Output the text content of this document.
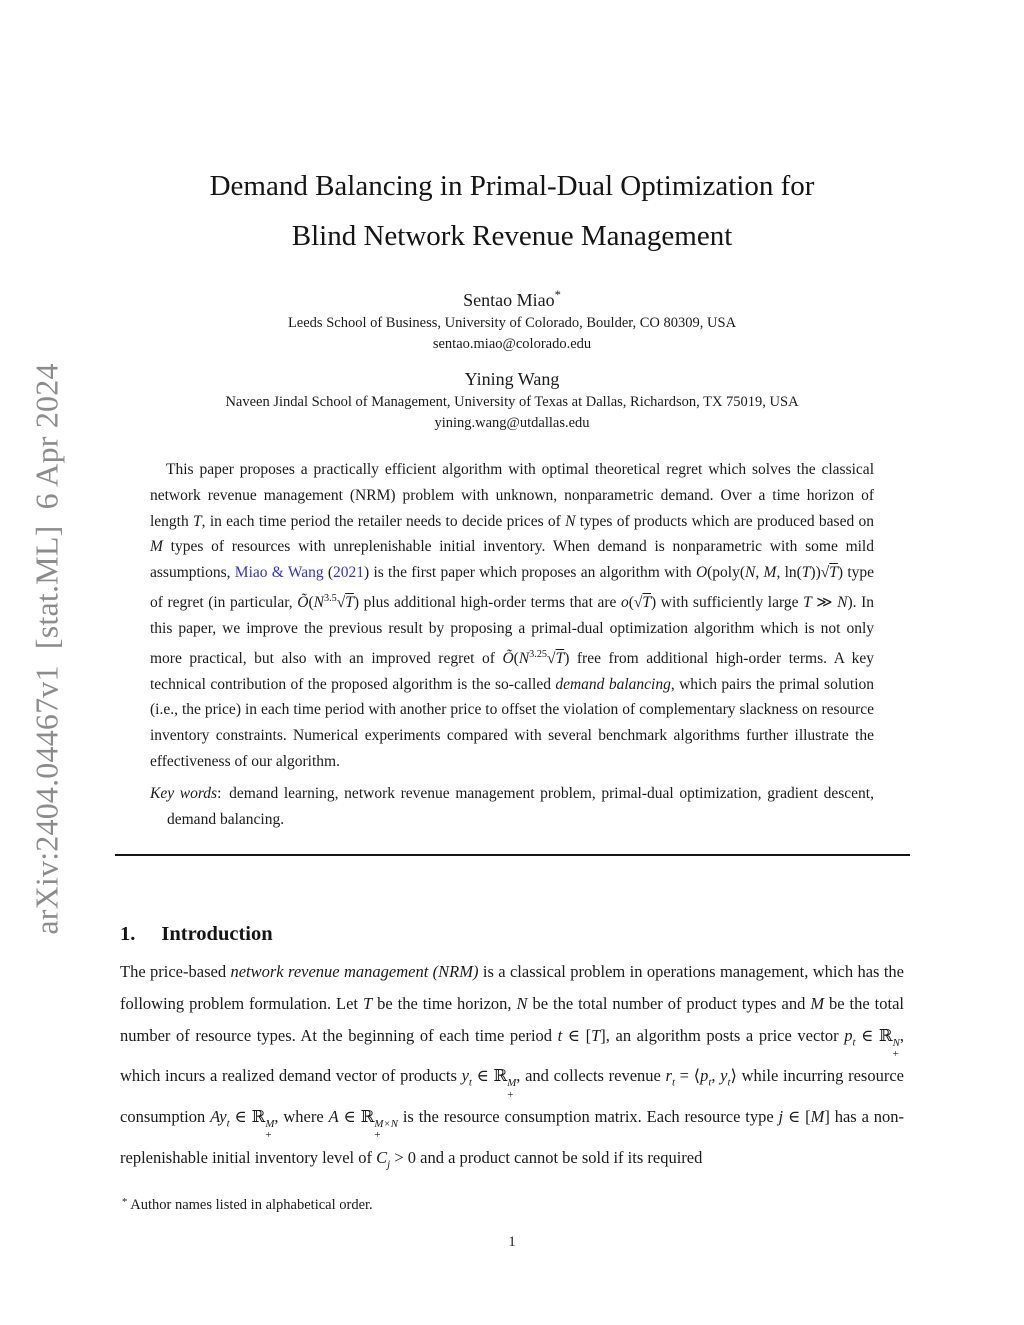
arXiv:2404.04467v1 [stat.ML] 6 Apr 2024
Demand Balancing in Primal-Dual Optimization for
Blind Network Revenue Management
Sentao Miao*
Leeds School of Business, University of Colorado, Boulder, CO 80309, USA
sentao.miao@colorado.edu
Yining Wang
Naveen Jindal School of Management, University of Texas at Dallas, Richardson, TX 75019, USA
yining.wang@utdallas.edu

This paper proposes a practically efficient algorithm with optimal theoretical regret which solves the classical network revenue management (NRM) problem with unknown, nonparametric demand. Over a time horizon of length T, in each time period the retailer needs to decide prices of N types of products which are produced based on M types of resources with unreplenishable initial inventory. When demand is nonparametric with some mild assumptions, Miao & Wang (2021) is the first paper which proposes an algorithm with O(poly(N, M, ln(T))√T) type of regret (in particular, $Õ(N^{3.5}√T)$ plus additional high-order terms that are o(√T) with sufficiently large T ≫ N). In this paper, we improve the previous result by proposing a primal-dual optimization algorithm which is not only more practical, but also with an improved regret of $Õ(N^{3.25}√T)$ free from additional high-order terms. A key technical contribution of the proposed algorithm is the so-called demand balancing, which pairs the primal solution (i.e., the price) in each time period with another price to offset the violation of complementary slackness on resource inventory constraints. Numerical experiments compared with several benchmark algorithms further illustrate the effectiveness of our algorithm.

Key words: demand learning, network revenue management problem, primal-dual optimization, gradient descent, demand balancing.

1. Introduction

The price-based network revenue management (NRM) is a classical problem in operations management, which has the following problem formulation. Let T be the time horizon, N be the total number of product types and M be the total number of resource types. At the beginning of each time period t ∈ [T], an algorithm posts a price vector $p_t$ ∈ ℝ N
+
, which incurs a realized demand vector of products $y_t$ ∈ ℝ M
+
, and collects revenue $r_t$ = $⟨p_t$, $y_t⟩$ while incurring resource consumption $Ay_t$ ∈ ℝ M
+
, where A ∈ ℝ M×N
+
is the resource consumption matrix. Each resource type j ∈ [M] has a non-replenishable initial inventory level of $C_j > 0$ and a product cannot be sold if its required

* Author names listed in alphabetical order.
1
